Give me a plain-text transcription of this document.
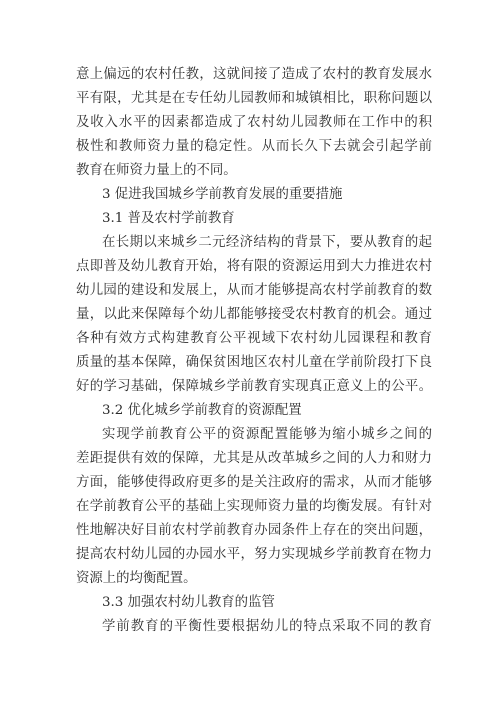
意上偏远的农村任教，这就间接了造成了农村的教育发展水
平有限，尤其是在专任幼儿园教师和城镇相比，职称问题以
及收入水平的因素都造成了农村幼儿园教师在工作中的积
极性和教师资力量的稳定性。从而长久下去就会引起学前
教育在师资力量上的不同。
3 促进我国城乡学前教育发展的重要措施
3.1 普及农村学前教育
在长期以来城乡二元经济结构的背景下，要从教育的起
点即普及幼儿教育开始，将有限的资源运用到大力推进农村
幼儿园的建设和发展上，从而才能够提高农村学前教育的数
量，以此来保障每个幼儿都能够接受农村教育的机会。通过
各种有效方式构建教育公平视域下农村幼儿园课程和教育
质量的基本保障，确保贫困地区农村儿童在学前阶段打下良
好的学习基础，保障城乡学前教育实现真正意义上的公平。
3.2 优化城乡学前教育的资源配置
实现学前教育公平的资源配置能够为缩小城乡之间的
差距提供有效的保障，尤其是从改革城乡之间的人力和财力
方面，能够使得政府更多的是关注政府的需求，从而才能够
在学前教育公平的基础上实现师资力量的均衡发展。有针对
性地解决好目前农村学前教育办园条件上存在的突出问题，
提高农村幼儿园的办园水平，努力实现城乡学前教育在物力
资源上的均衡配置。
3.3 加强农村幼儿教育的监管
学前教育的平衡性要根据幼儿的特点采取不同的教育
